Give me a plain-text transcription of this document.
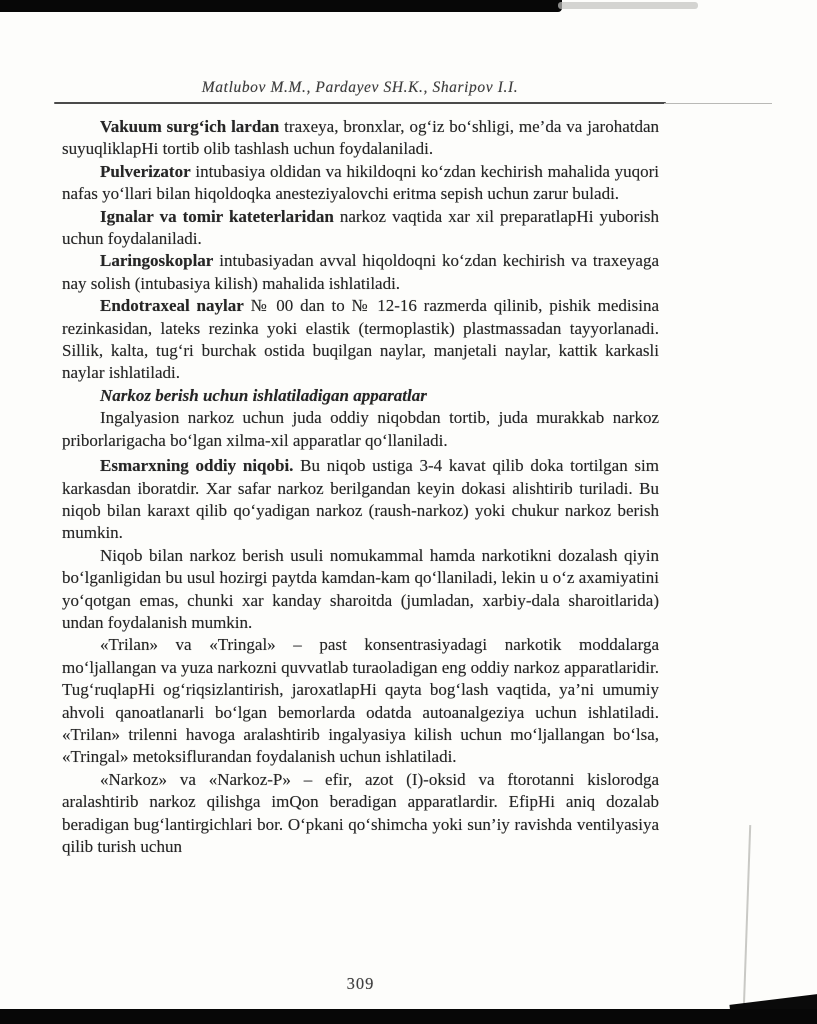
Matlubov M.M., Pardayev SH.K., Sharipov I.I.

Vakuum surg‘ich lardan traxeya, bronxlar, og‘iz bo‘shligi, me’da va jarohatdan suyuqliklapHi tortib olib tashlash uchun foydalaniladi.

Pulverizator intubasiya oldidan va hikildoqni ko‘zdan kechirish mahalida yuqori nafas yo‘llari bilan hiqoldoqka anesteziyalovchi eritma sepish uchun zarur buladi.

Ignalar va tomir kateterlaridan narkoz vaqtida xar xil preparatlapHi yuborish uchun foydalaniladi.

Laringoskoplar intubasiyadan avval hiqoldoqni ko‘zdan kechirish va traxeyaga nay solish (intubasiya kilish) mahalida ishlatiladi.

Endotraxeal naylar № 00 dan to № 12-16 razmerda qilinib, pishik medisina rezinkasidan, lateks rezinka yoki elastik (termoplastik) plastmassadan tayyorlanadi. Sillik, kalta, tug‘ri burchak ostida buqilgan naylar, manjetali naylar, kattik karkasli naylar ishlatiladi.

Narkoz berish uchun ishlatiladigan apparatlar

Ingalyasion narkoz uchun juda oddiy niqobdan tortib, juda murakkab narkoz priborlarigacha bo‘lgan xilma-xil apparatlar qo‘llaniladi.

Esmarxning oddiy niqobi. Bu niqob ustiga 3-4 kavat qilib doka tortilgan sim karkasdan iboratdir. Xar safar narkoz berilgandan keyin dokasi alishtirib turiladi. Bu niqob bilan karaxt qilib qo‘yadigan narkoz (raush-narkoz) yoki chukur narkoz berish mumkin.

Niqob bilan narkoz berish usuli nomukammal hamda narkotikni dozalash qiyin bo‘lganligidan bu usul hozirgi paytda kamdan-kam qo‘llaniladi, lekin u o‘z axamiyatini yo‘qotgan emas, chunki xar kanday sharoitda (jumladan, xarbiy-dala sharoitlarida) undan foydalanish mumkin.

«Trilan» va «Tringal» – past konsentrasiyadagi narkotik moddalarga mo‘ljallangan va yuza narkozni quvvatlab turaoladigan eng oddiy narkoz apparatlaridir. Tug‘ruqlapHi og‘riqsizlantirish, jaroxatlapHi qayta bog‘lash vaqtida, ya’ni umumiy ahvoli qanoatlanarli bo‘lgan bemorlarda odatda autoanalgeziya uchun ishlatiladi. «Trilan» trilenni havoga aralashtirib ingalyasiya kilish uchun mo‘ljallangan bo‘lsa, «Tringal» metoksiflurandan foydalanish uchun ishlatiladi.

«Narkoz» va «Narkoz-P» – efir, azot (I)-oksid va ftorotanni kislorodga aralashtirib narkoz qilishga imQon beradigan apparatlardir. EfipHi aniq dozalab beradigan bug‘lantirgichlari bor. O‘pkani qo‘shimcha yoki sun’iy ravishda ventilyasiya qilib turish uchun

309
